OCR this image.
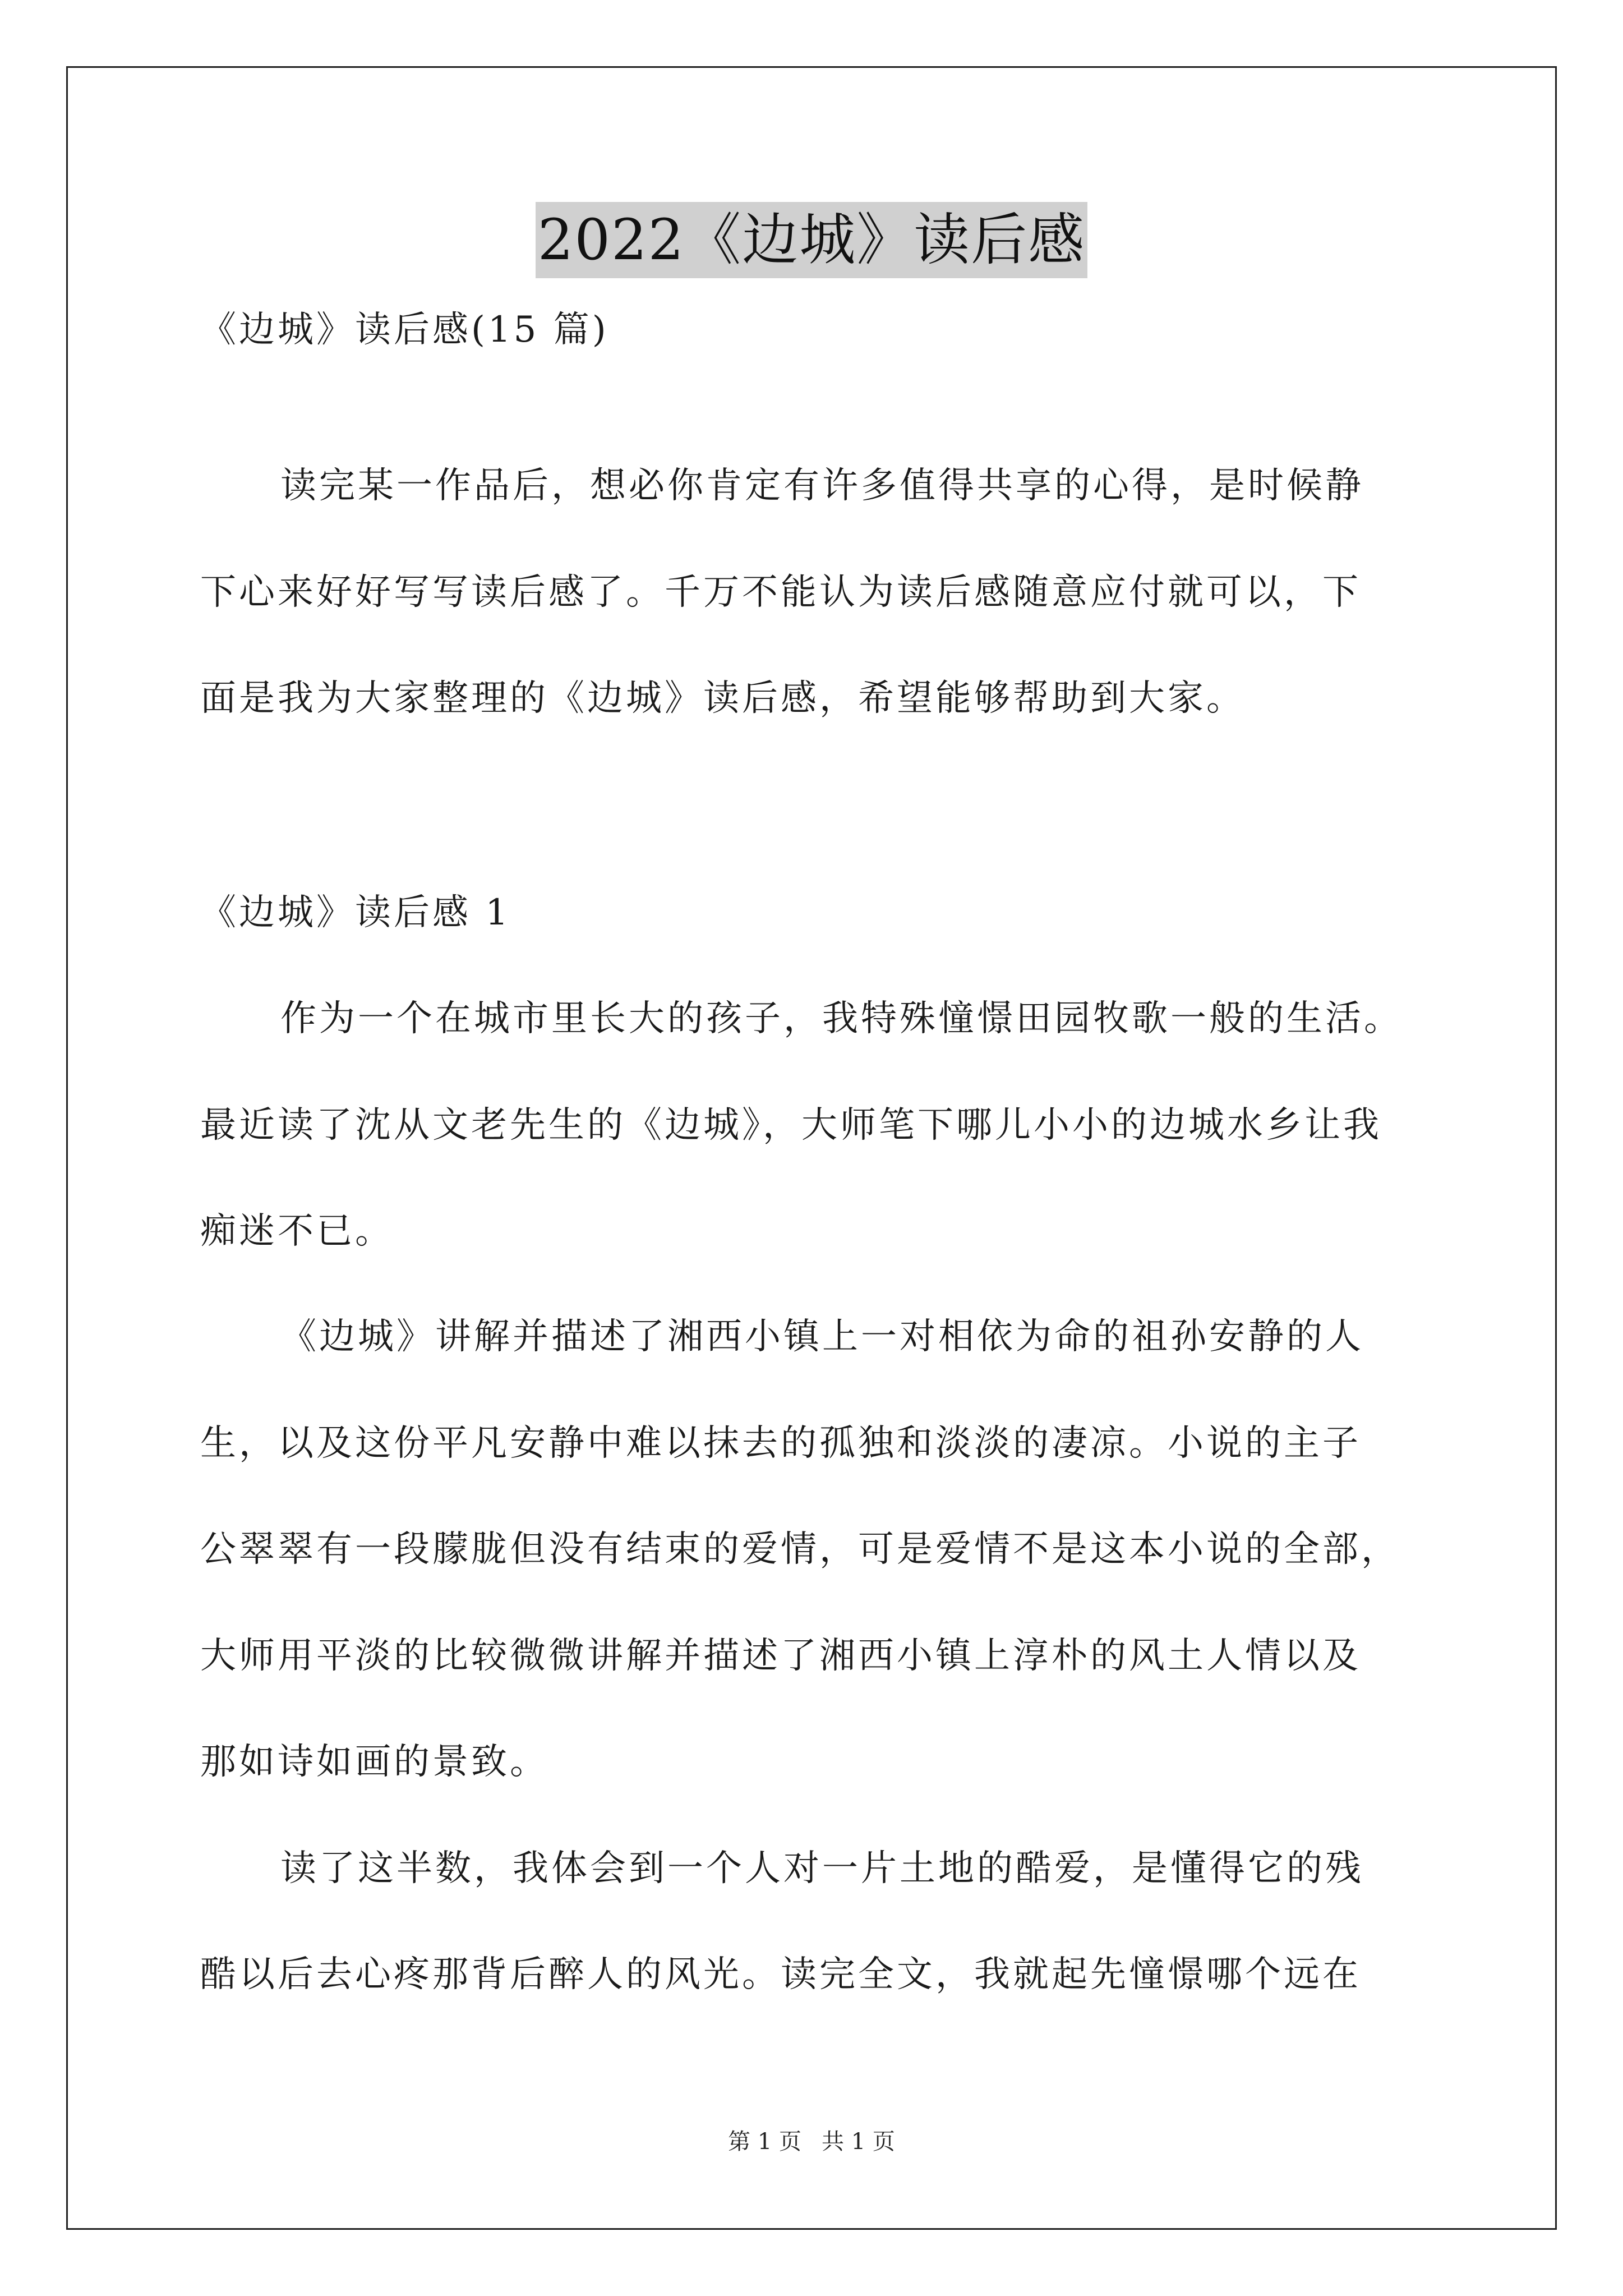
2022《边城》读后感
《边城》读后感(15 篇)
读完某一作品后，想必你肯定有许多值得共享的心得，是时候静
下心来好好写写读后感了。千万不能认为读后感随意应付就可以，下
面是我为大家整理的《边城》读后感，希望能够帮助到大家。
《边城》读后感 1
作为一个在城市里长大的孩子，我特殊憧憬田园牧歌一般的生活。
最近读了沈从文老先生的《边城》，大师笔下哪儿小小的边城水乡让我
痴迷不已。
《边城》讲解并描述了湘西小镇上一对相依为命的祖孙安静的人
生，以及这份平凡安静中难以抹去的孤独和淡淡的凄凉。小说的主子
公翠翠有一段朦胧但没有结束的爱情，可是爱情不是这本小说的全部，
大师用平淡的比较微微讲解并描述了湘西小镇上淳朴的风土人情以及
那如诗如画的景致。
读了这半数，我体会到一个人对一片土地的酷爱，是懂得它的残
酷以后去心疼那背后醉人的风光。读完全文，我就起先憧憬哪个远在
第 1 页 共 1 页
